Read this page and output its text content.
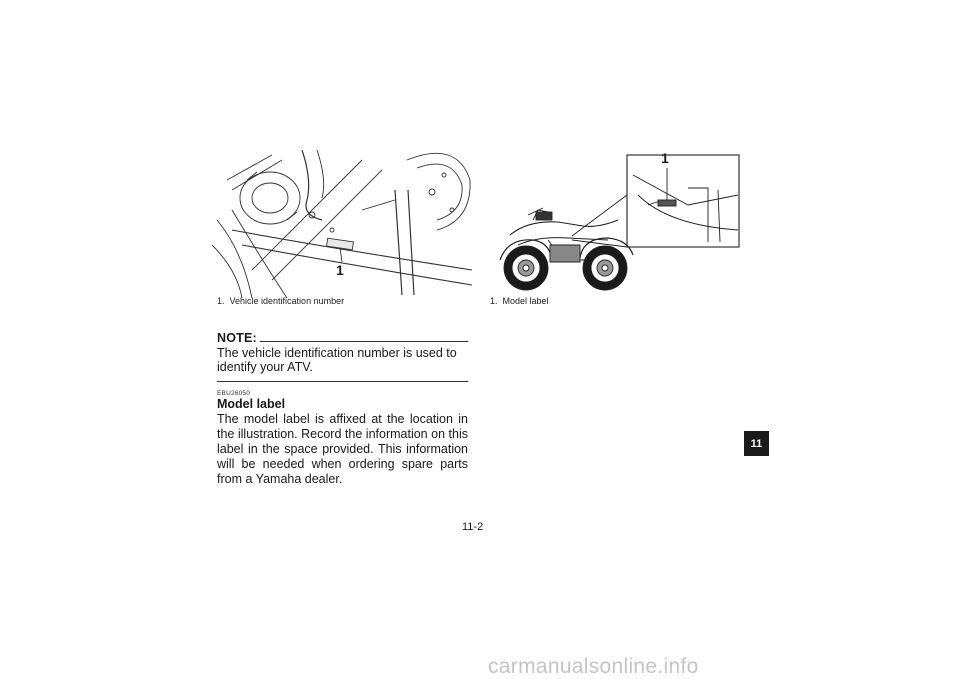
1
1. Vehicle identification number
1
1. Model label
NOTE:
The vehicle identification number is used to identify your ATV.
EBU26050
Model label
The model label is affixed at the location in the illustration. Record the information on this label in the space provided. This information will be needed when ordering spare parts from a Yamaha dealer.
11
11-2
carmanualsonline.info
